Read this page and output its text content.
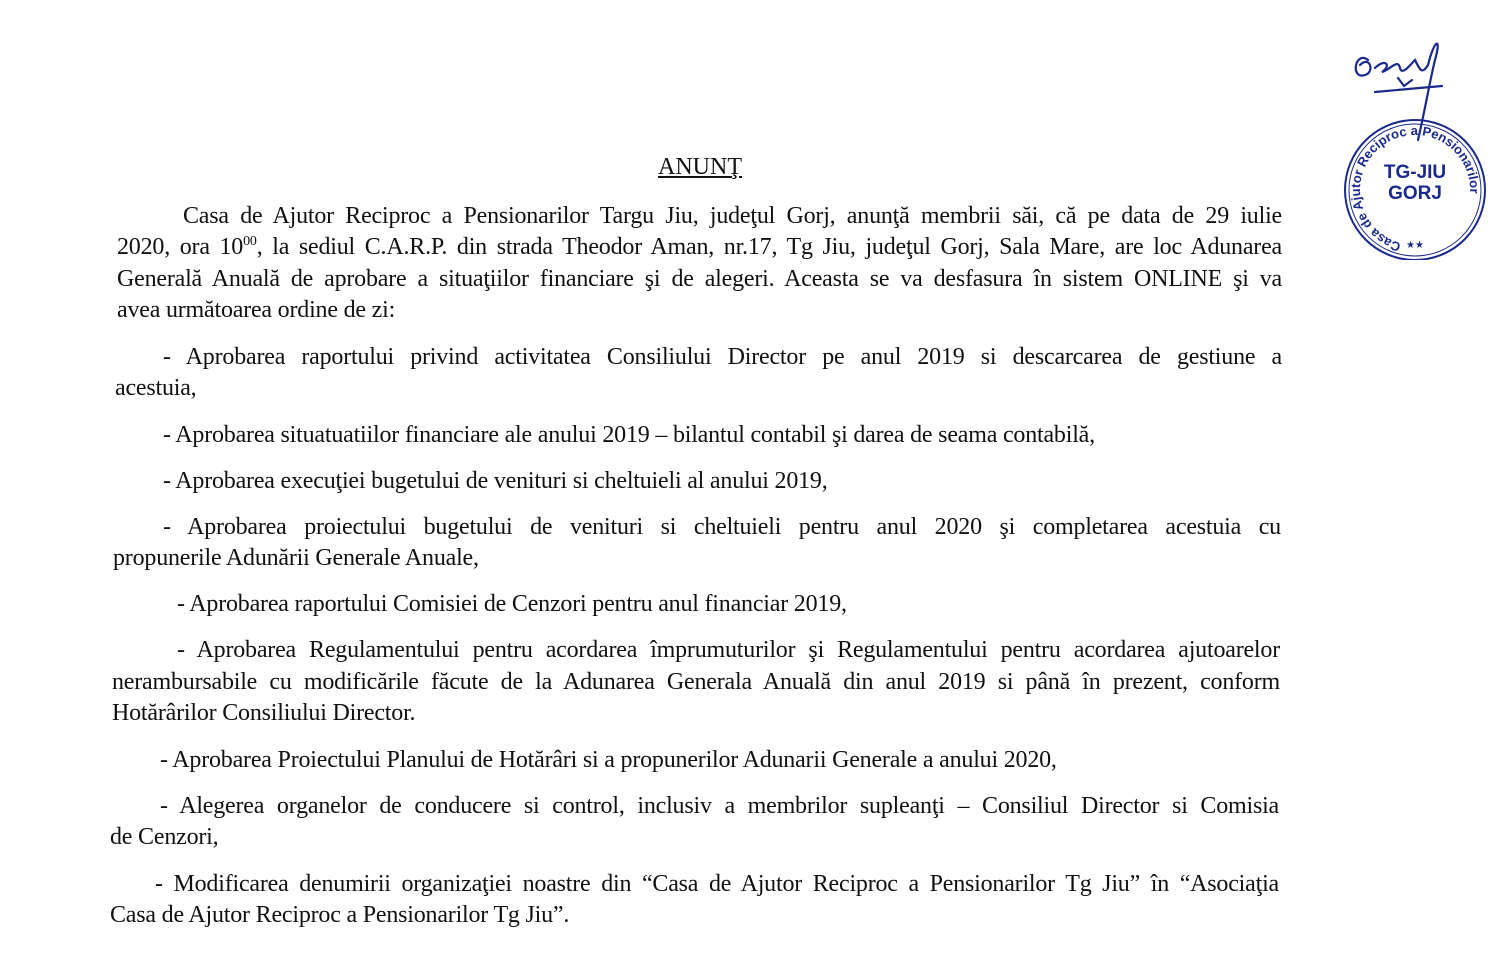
ANUNŢ
Casa de Ajutor Reciproc a Pensionarilor Targu Jiu, judeţul Gorj, anunţă membrii săi, că pe data de 29 iulie
2020, ora $10^{00}$, la sediul C.A.R.P. din strada Theodor Aman, nr.17, Tg Jiu, judeţul Gorj, Sala Mare, are loc Adunarea
Generală Anuală de aprobare a situaţiilor financiare şi de alegeri. Aceasta se va desfasura în sistem ONLINE şi va
avea următoarea ordine de zi:
- Aprobarea raportului privind activitatea Consiliului Director pe anul 2019 si descarcarea de gestiune a
acestuia,
- Aprobarea situatuatiilor financiare ale anului 2019 – bilantul contabil şi darea de seama contabilă,
- Aprobarea execuţiei bugetului de venituri si cheltuieli al anului 2019,
- Aprobarea proiectului bugetului de venituri si cheltuieli pentru anul 2020 şi completarea acestuia cu
propunerile Adunării Generale Anuale,
- Aprobarea raportului Comisiei de Cenzori pentru anul financiar 2019,
- Aprobarea Regulamentului pentru acordarea împrumuturilor şi Regulamentului pentru acordarea ajutoarelor
nerambursabile cu modificările făcute de la Adunarea Generala Anuală din anul 2019 si până în prezent, conform
Hotărârilor Consiliului Director.
- Aprobarea Proiectului Planului de Hotărâri si a propunerilor Adunarii Generale a anului 2020,
- Alegerea organelor de conducere si control, inclusiv a membrilor supleanţi – Consiliul Director si Comisia
de Cenzori,
- Modificarea denumirii organizaţiei noastre din “Casa de Ajutor Reciproc a Pensionarilor Tg Jiu” în “Asociaţia
Casa de Ajutor Reciproc a Pensionarilor Tg Jiu”.
Casa de Ajutor Reciproc a Pensionarilor
TG-JIU
GORJ
★★
